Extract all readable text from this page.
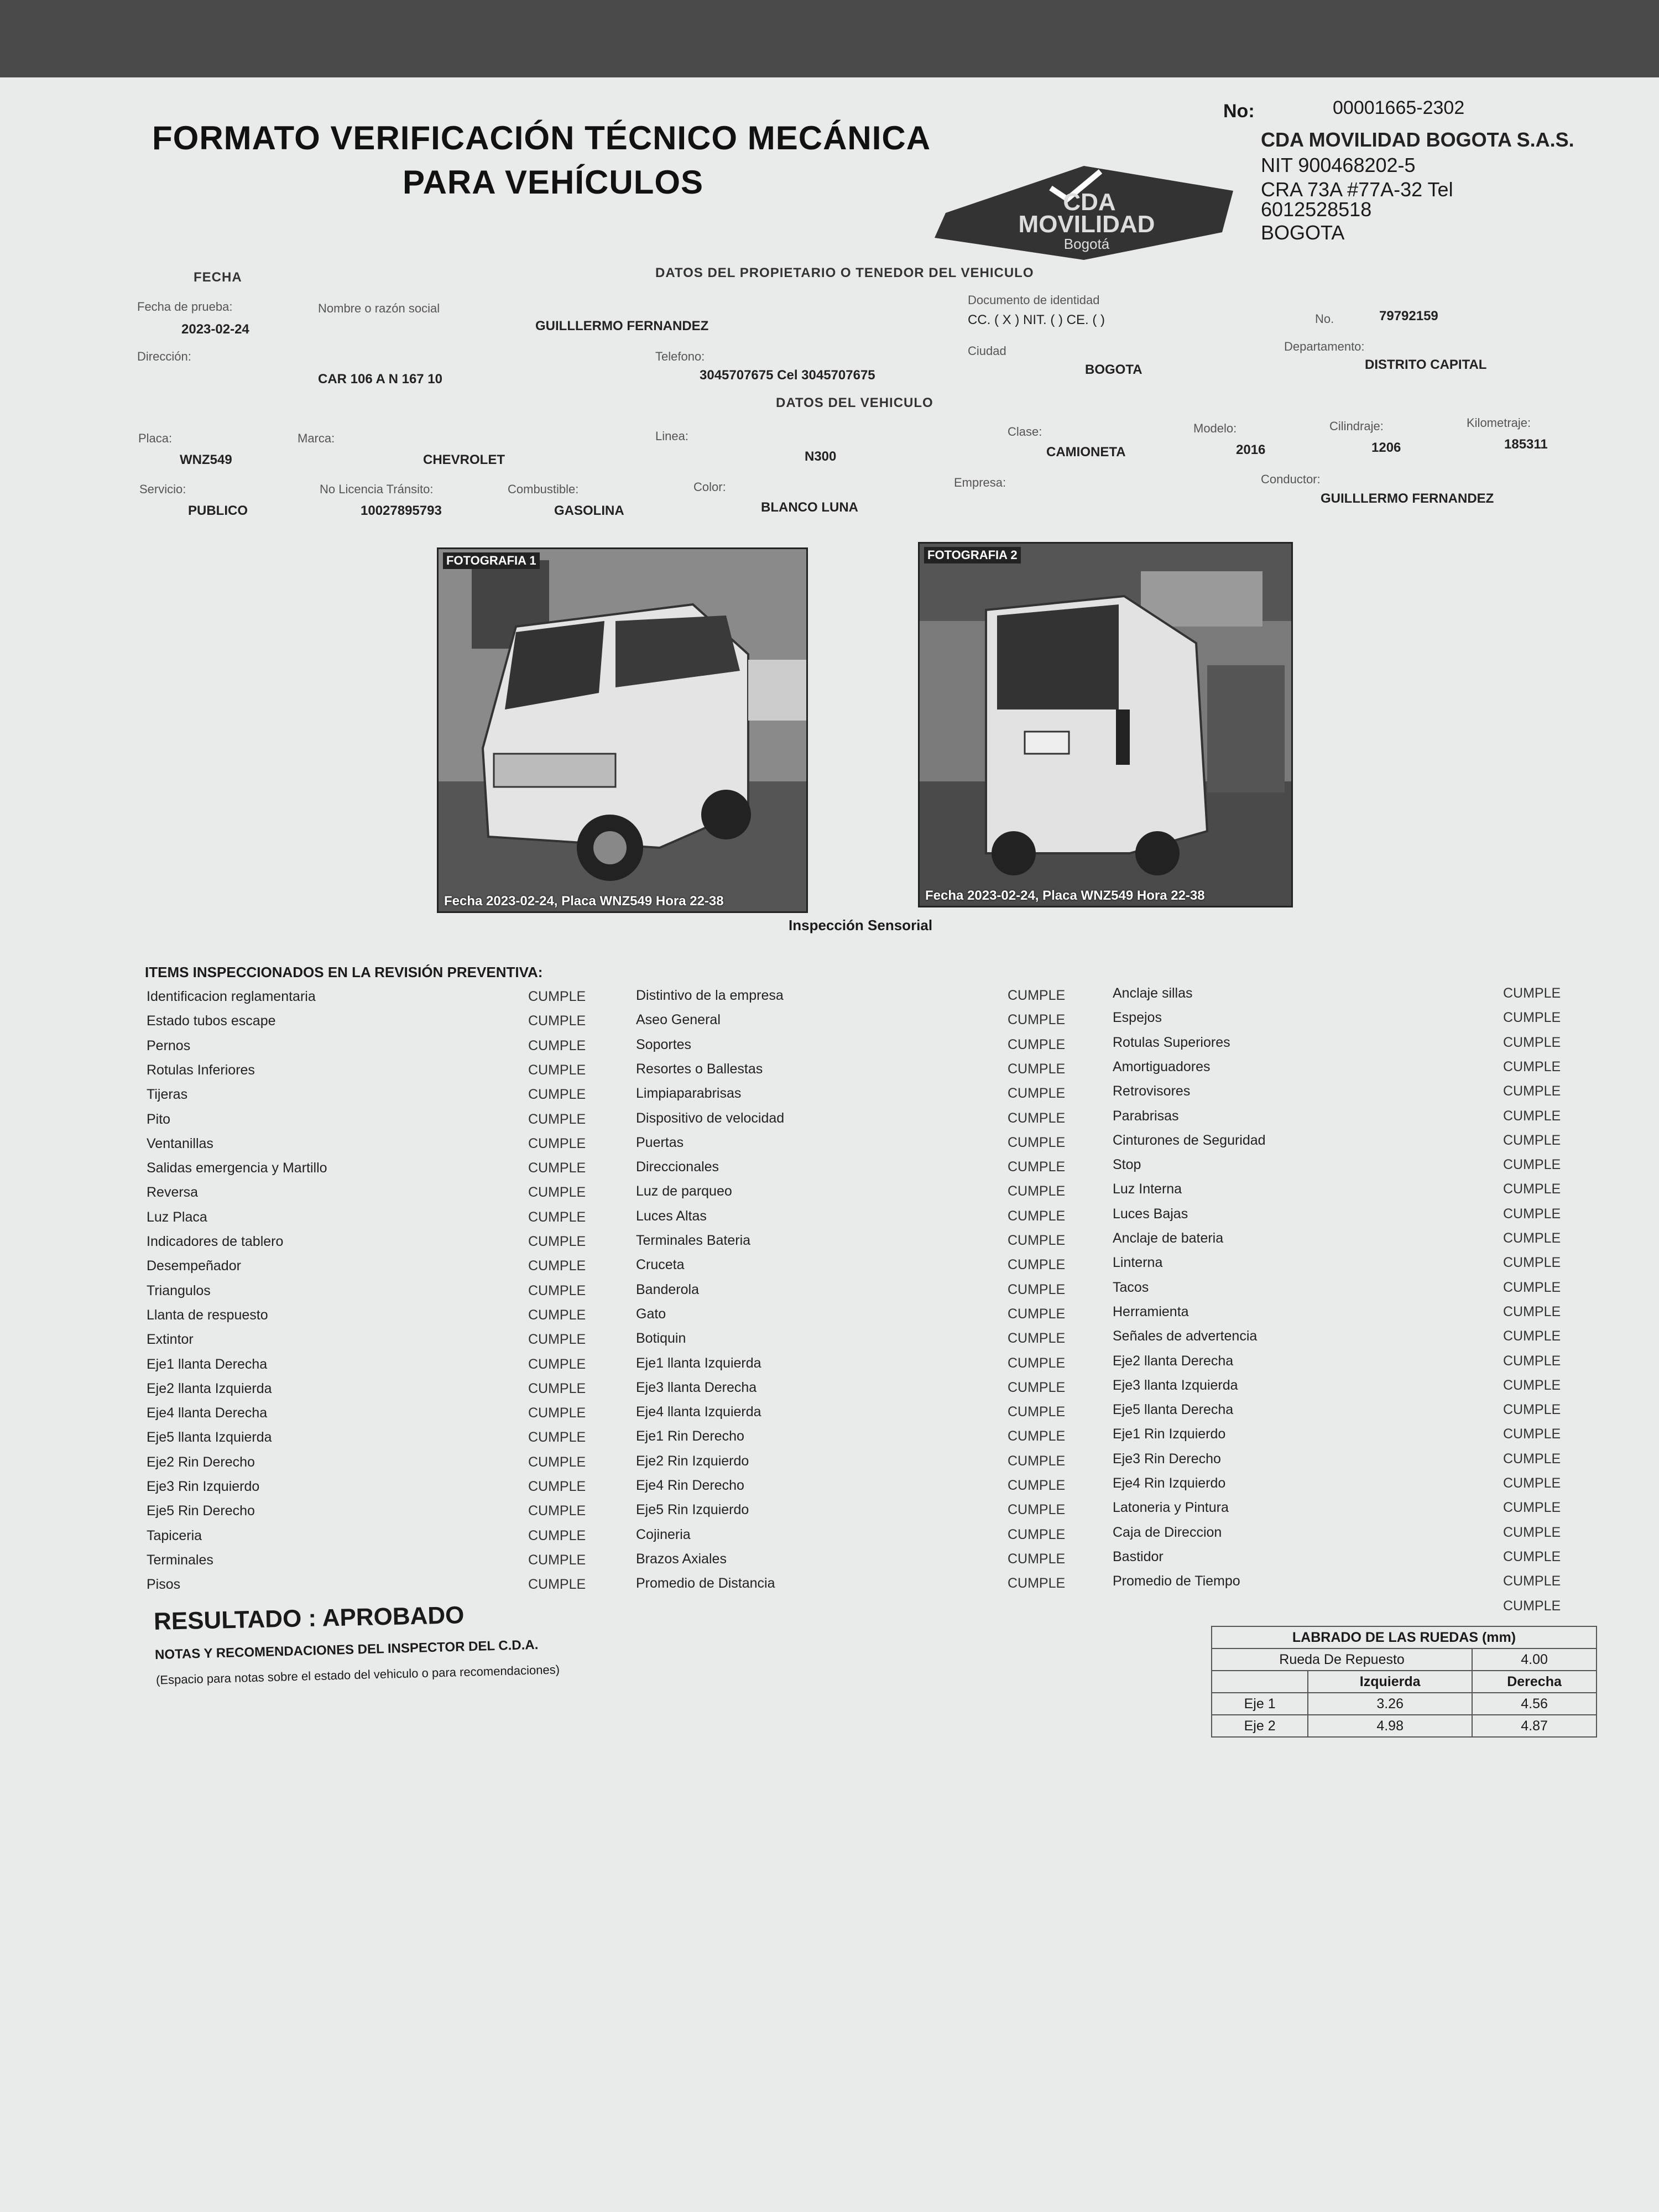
FORMATO VERIFICACIÓN TÉCNICO MECÁNICA
PARA VEHÍCULOS
No:	00001665-2302
CDA MOVILIDAD BOGOTA S.A.S.
NIT 900468202-5
CRA 73A #77A-32 Tel
6012528518
BOGOTA
CDA
MOVILIDAD
Bogotá
FECHA	DATOS DEL PROPIETARIO O TENEDOR DEL VEHICULO
Fecha de prueba:
2023-02-24
Nombre o razón social
GUILLLERMO FERNANDEZ
Documento de identidad
CC. ( X ) NIT. ( ) CE. ( )	No.	79792159
Dirección:
CAR 106 A N 167 10
Telefono:
3045707675 Cel 3045707675
Ciudad
BOGOTA
Departamento:
DISTRITO CAPITAL
DATOS DEL VEHICULO
Placa:
WNZ549
Marca:
CHEVROLET
Linea:
N300
Clase:
CAMIONETA
Modelo:
2016
Cilindraje:
1206
Kilometraje:
185311
Servicio:
PUBLICO
No Licencia Tránsito:
10027895793
Combustible:
GASOLINA
Color:
BLANCO LUNA
Empresa:	Conductor:
GUILLLERMO FERNANDEZ
FOTOGRAFIA 1
Fecha 2023-02-24, Placa WNZ549 Hora 22-38
FOTOGRAFIA 2
Fecha 2023-02-24, Placa WNZ549 Hora 22-38
Inspección Sensorial
ITEMS INSPECCIONADOS EN LA REVISIÓN PREVENTIVA:
Identificacion reglamentaria	CUMPLE
Estado tubos escape	CUMPLE
Pernos	CUMPLE
Rotulas Inferiores	CUMPLE
Tijeras	CUMPLE
Pito	CUMPLE
Ventanillas	CUMPLE
Salidas emergencia y Martillo	CUMPLE
Reversa	CUMPLE
Luz Placa	CUMPLE
Indicadores de tablero	CUMPLE
Desempeñador	CUMPLE
Triangulos	CUMPLE
Llanta de respuesto	CUMPLE
Extintor	CUMPLE
Eje1 llanta Derecha	CUMPLE
Eje2 llanta Izquierda	CUMPLE
Eje4 llanta Derecha	CUMPLE
Eje5 llanta Izquierda	CUMPLE
Eje2 Rin Derecho	CUMPLE
Eje3 Rin Izquierdo	CUMPLE
Eje5 Rin Derecho	CUMPLE
Tapiceria	CUMPLE
Terminales	CUMPLE
Pisos	CUMPLE
Distintivo de la empresa	CUMPLE
Aseo General	CUMPLE
Soportes	CUMPLE
Resortes o Ballestas	CUMPLE
Limpiaparabrisas	CUMPLE
Dispositivo de velocidad	CUMPLE
Puertas	CUMPLE
Direccionales	CUMPLE
Luz de parqueo	CUMPLE
Luces Altas	CUMPLE
Terminales Bateria	CUMPLE
Cruceta	CUMPLE
Banderola	CUMPLE
Gato	CUMPLE
Botiquin	CUMPLE
Eje1 llanta Izquierda	CUMPLE
Eje3 llanta Derecha	CUMPLE
Eje4 llanta Izquierda	CUMPLE
Eje1 Rin Derecho	CUMPLE
Eje2 Rin Izquierdo	CUMPLE
Eje4 Rin Derecho	CUMPLE
Eje5 Rin Izquierdo	CUMPLE
Cojineria	CUMPLE
Brazos Axiales	CUMPLE
Promedio de Distancia	CUMPLE
Anclaje sillas	CUMPLE
Espejos	CUMPLE
Rotulas Superiores	CUMPLE
Amortiguadores	CUMPLE
Retrovisores	CUMPLE
Parabrisas	CUMPLE
Cinturones de Seguridad	CUMPLE
Stop	CUMPLE
Luz Interna	CUMPLE
Luces Bajas	CUMPLE
Anclaje de bateria	CUMPLE
Linterna	CUMPLE
Tacos	CUMPLE
Herramienta	CUMPLE
Señales de advertencia	CUMPLE
Eje2 llanta Derecha	CUMPLE
Eje3 llanta Izquierda	CUMPLE
Eje5 llanta Derecha	CUMPLE
Eje1 Rin Izquierdo	CUMPLE
Eje3 Rin Derecho	CUMPLE
Eje4 Rin Izquierdo	CUMPLE
Latoneria y Pintura	CUMPLE
Caja de Direccion	CUMPLE
Bastidor	CUMPLE
Promedio de Tiempo	CUMPLE
CUMPLE
RESULTADO : APROBADO
NOTAS Y RECOMENDACIONES DEL INSPECTOR DEL C.D.A.
(Espacio para notas sobre el estado del vehiculo o para recomendaciones)
LABRADO DE LAS RUEDAS (mm)		
Rueda De Repuesto		4.00
	Izquierda	Derecha
Eje 1	3.26	4.56
Eje 2	4.98	4.87
